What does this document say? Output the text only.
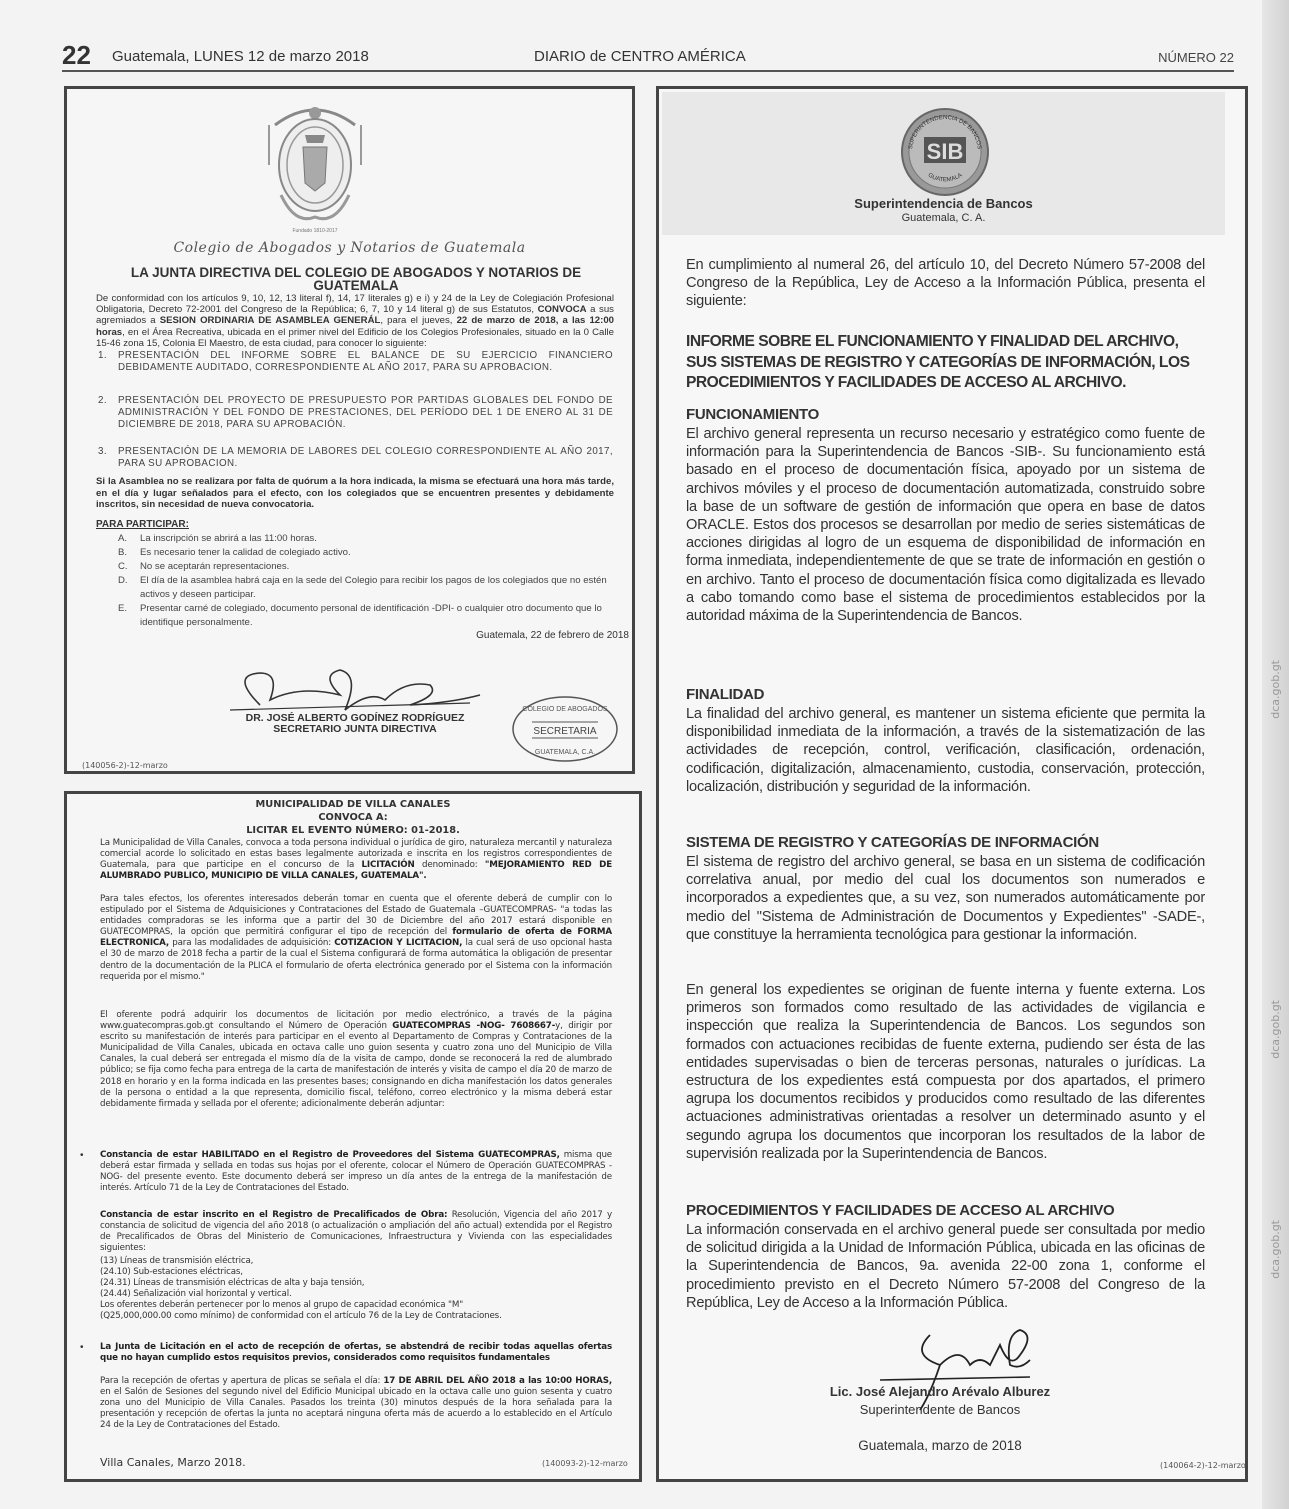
dca.gob.gt
dca.gob.gt
dca.gob.gt
22 Guatemala, LUNES 12 de marzo 2018	DIARIO de CENTRO AMÉRICA	NÚMERO 22
Fundado 1810-2017
Colegio de Abogados y Notarios de Guatemala
LA JUNTA DIRECTIVA DEL COLEGIO DE ABOGADOS Y NOTARIOS DE GUATEMALA
De conformidad con los artículos 9, 10, 12, 13 literal f), 14, 17 literales g) e i) y 24 de la Ley de Colegiación Profesional Obligatoria, Decreto 72-2001 del Congreso de la República; 6, 7, 10 y 14 literal g) de sus Estatutos, CONVOCA a sus agremiados a SESION ORDINARIA DE ASAMBLEA GENERÁL, para el jueves, 22 de marzo de 2018, a las 12:00 horas, en el Área Recreativa, ubicada en el primer nivel del Edificio de los Colegios Profesionales, situado en la 0 Calle 15-46 zona 15, Colonia El Maestro, de esta ciudad, para conocer lo siguiente:
1. PRESENTACIÓN DEL INFORME SOBRE EL BALANCE DE SU EJERCICIO FINANCIERO DEBIDAMENTE AUDITADO, CORRESPONDIENTE AL AÑO 2017, PARA SU APROBACION.
2. PRESENTACIÓN DEL PROYECTO DE PRESUPUESTO POR PARTIDAS GLOBALES DEL FONDO DE ADMINISTRACIÓN Y DEL FONDO DE PRESTACIONES, DEL PERÍODO DEL 1 DE ENERO AL 31 DE DICIEMBRE DE 2018, PARA SU APROBACIÓN.
3. PRESENTACIÓN DE LA MEMORIA DE LABORES DEL COLEGIO CORRESPONDIENTE AL AÑO 2017, PARA SU APROBACION.
Si la Asamblea no se realizara por falta de quórum a la hora indicada, la misma se efectuará una hora más tarde, en el día y lugar señalados para el efecto, con los colegiados que se encuentren presentes y debidamente inscritos, sin necesidad de nueva convocatoria.
PARA PARTICIPAR:
A. La inscripción se abrirá a las 11:00 horas.
B. Es necesario tener la calidad de colegiado activo.
C. No se aceptarán representaciones.
D. El día de la asamblea habrá caja en la sede del Colegio para recibir los pagos de los colegiados que no estén activos y deseen participar.
E. Presentar carné de colegiado, documento personal de identificación -DPI- o cualquier otro documento que lo identifique personalmente.
Guatemala, 22 de febrero de 2018
DR. JOSÉ ALBERTO GODÍNEZ RODRÍGUEZ
SECRETARIO JUNTA DIRECTIVA
COLEGIO DE ABOGADOS
SECRETARIA
GUATEMALA, C.A.
(140056-2)-12-marzo
MUNICIPALIDAD DE VILLA CANALES
CONVOCA A:
LICITAR EL EVENTO NÚMERO: 01-2018.
La Municipalidad de Villa Canales, convoca a toda persona individual o jurídica de giro, naturaleza mercantil y naturaleza comercial acorde lo solicitado en estas bases legalmente autorizada e inscrita en los registros correspondientes de Guatemala, para que participe en el concurso de la LICITACIÓN denominado: "MEJORAMIENTO RED DE ALUMBRADO PUBLICO, MUNICIPIO DE VILLA CANALES, GUATEMALA".
Para tales efectos, los oferentes interesados deberán tomar en cuenta que el oferente deberá de cumplir con lo estipulado por el Sistema de Adquisiciones y Contrataciones del Estado de Guatemala –GUATECOMPRAS- "a todas las entidades compradoras se les informa que a partir del 30 de Diciembre del año 2017 estará disponible en GUATECOMPRAS, la opción que permitirá configurar el tipo de recepción del formulario de oferta de FORMA ELECTRONICA, para las modalidades de adquisición: COTIZACION Y LICITACION, la cual será de uso opcional hasta el 30 de marzo de 2018 fecha a partir de la cual el Sistema configurará de forma automática la obligación de presentar dentro de la documentación de la PLICA el formulario de oferta electrónica generado por el Sistema con la información requerida por el mismo."
El oferente podrá adquirir los documentos de licitación por medio electrónico, a través de la página www.guatecompras.gob.gt consultando el Número de Operación GUATECOMPRAS -NOG- 7608667-y, dirigir por escrito su manifestación de interés para participar en el evento al Departamento de Compras y Contrataciones de la Municipalidad de Villa Canales, ubicada en octava calle uno guion sesenta y cuatro zona uno del Municipio de Villa Canales, la cual deberá ser entregada el mismo día de la visita de campo, donde se reconocerá la red de alumbrado público; se fija como fecha para entrega de la carta de manifestación de interés y visita de campo el día 20 de marzo de 2018 en horario y en la forma indicada en las presentes bases; consignando en dicha manifestación los datos generales de la persona o entidad a la que representa, domicilio fiscal, teléfono, correo electrónico y la misma deberá estar debidamente firmada y sellada por el oferente; adicionalmente deberán adjuntar:
• Constancia de estar HABILITADO en el Registro de Proveedores del Sistema GUATECOMPRAS, misma que deberá estar firmada y sellada en todas sus hojas por el oferente, colocar el Número de Operación GUATECOMPRAS -NOG- del presente evento. Este documento deberá ser impreso un día antes de la entrega de la manifestación de interés. Artículo 71 de la Ley de Contrataciones del Estado.
Constancia de estar inscrito en el Registro de Precalificados de Obra: Resolución, Vigencia del año 2017 y constancia de solicitud de vigencia del año 2018 (o actualización o ampliación del año actual) extendida por el Registro de Precalificados de Obras del Ministerio de Comunicaciones, Infraestructura y Vivienda con las especialidades siguientes:
(13) Líneas de transmisión eléctrica,
(24.10) Sub-estaciones eléctricas,
(24.31) Líneas de transmisión eléctricas de alta y baja tensión,
(24.44) Señalización vial horizontal y vertical.
Los oferentes deberán pertenecer por lo menos al grupo de capacidad económica "M"
(Q25,000,000.00 como mínimo) de conformidad con el artículo 76 de la Ley de Contrataciones.
• La Junta de Licitación en el acto de recepción de ofertas, se abstendrá de recibir todas aquellas ofertas que no hayan cumplido estos requisitos previos, considerados como requisitos fundamentales
Para la recepción de ofertas y apertura de plicas se señala el día: 17 DE ABRIL DEL AÑO 2018 a las 10:00 HORAS, en el Salón de Sesiones del segundo nivel del Edificio Municipal ubicado en la octava calle uno guion sesenta y cuatro zona uno del Municipio de Villa Canales. Pasados los treinta (30) minutos después de la hora señalada para la presentación y recepción de ofertas la junta no aceptará ninguna oferta más de acuerdo a lo establecido en el Artículo 24 de la Ley de Contrataciones del Estado.
Villa Canales, Marzo 2018.	(140093-2)-12-marzo
SUPERINTENDENCIA DE BANCOS
GUATEMALA
SIB
Superintendencia de Bancos
Guatemala, C. A.
En cumplimiento al numeral 26, del artículo 10, del Decreto Número 57-2008 del Congreso de la República, Ley de Acceso a la Información Pública, presenta el siguiente:
INFORME SOBRE EL FUNCIONAMIENTO Y FINALIDAD DEL ARCHIVO, SUS SISTEMAS DE REGISTRO Y CATEGORÍAS DE INFORMACIÓN, LOS PROCEDIMIENTOS Y FACILIDADES DE ACCESO AL ARCHIVO.
FUNCIONAMIENTO
El archivo general representa un recurso necesario y estratégico como fuente de información para la Superintendencia de Bancos -SIB-. Su funcionamiento está basado en el proceso de documentación física, apoyado por un sistema de archivos móviles y el proceso de documentación automatizada, construido sobre la base de un software de gestión de información que opera en base de datos ORACLE. Estos dos procesos se desarrollan por medio de series sistemáticas de acciones dirigidas al logro de un esquema de disponibilidad de información en forma inmediata, independientemente de que se trate de información en gestión o en archivo. Tanto el proceso de documentación física como digitalizada es llevado a cabo tomando como base el sistema de procedimientos establecidos por la autoridad máxima de la Superintendencia de Bancos.
FINALIDAD
La finalidad del archivo general, es mantener un sistema eficiente que permita la disponibilidad inmediata de la información, a través de la sistematización de las actividades de recepción, control, verificación, clasificación, ordenación, codificación, digitalización, almacenamiento, custodia, conservación, protección, localización, distribución y seguridad de la información.
SISTEMA DE REGISTRO Y CATEGORÍAS DE INFORMACIÓN
El sistema de registro del archivo general, se basa en un sistema de codificación correlativa anual, por medio del cual los documentos son numerados e incorporados a expedientes que, a su vez, son numerados automáticamente por medio del "Sistema de Administración de Documentos y Expedientes" -SADE-, que constituye la herramienta tecnológica para gestionar la información.
En general los expedientes se originan de fuente interna y fuente externa. Los primeros son formados como resultado de las actividades de vigilancia e inspección que realiza la Superintendencia de Bancos. Los segundos son formados con actuaciones recibidas de fuente externa, pudiendo ser ésta de las entidades supervisadas o bien de terceras personas, naturales o jurídicas. La estructura de los expedientes está compuesta por dos apartados, el primero agrupa los documentos recibidos y producidos como resultado de las diferentes actuaciones administrativas orientadas a resolver un determinado asunto y el segundo agrupa los documentos que incorporan los resultados de la labor de supervisión realizada por la Superintendencia de Bancos.
PROCEDIMIENTOS Y FACILIDADES DE ACCESO AL ARCHIVO
La información conservada en el archivo general puede ser consultada por medio de solicitud dirigida a la Unidad de Información Pública, ubicada en las oficinas de la Superintendencia de Bancos, 9a. avenida 22-00 zona 1, conforme el procedimiento previsto en el Decreto Número 57-2008 del Congreso de la República, Ley de Acceso a la Información Pública.
Lic. José Alejandro Arévalo Alburez
Superintendente de Bancos
Guatemala, marzo de 2018
(140064-2)-12-marzo
